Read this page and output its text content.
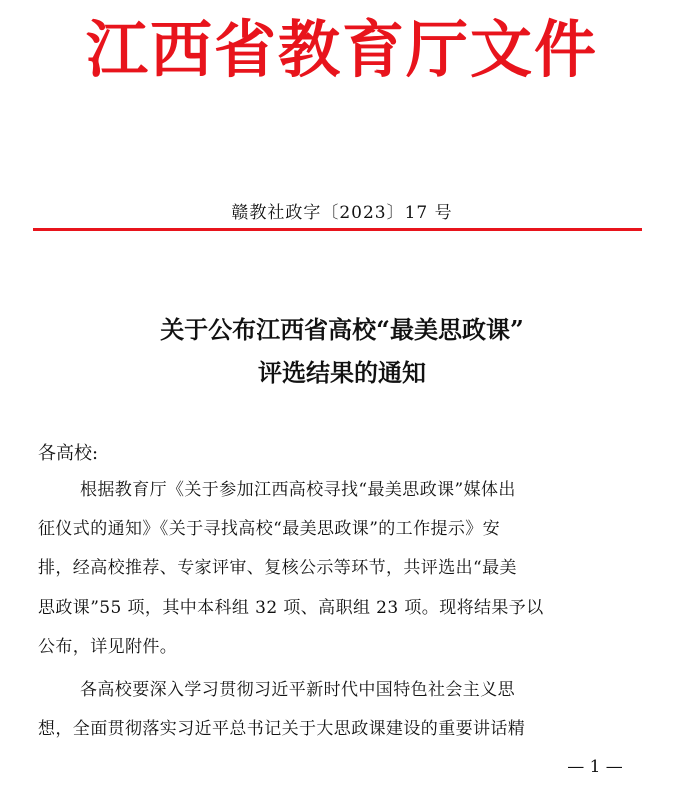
江西省教育厅文件
赣教社政字〔2023〕17 号
关于公布江西省高校“最美思政课”
评选结果的通知
各高校:
根据教育厅《关于参加江西高校寻找“最美思政课”媒体出
征仪式的通知》《关于寻找高校“最美思政课”的工作提示》安
排，经高校推荐、专家评审、复核公示等环节，共评选出“最美
思政课”55 项，其中本科组 32 项、高职组 23 项。现将结果予以
公布，详见附件。
各高校要深入学习贯彻习近平新时代中国特色社会主义思
想，全面贯彻落实习近平总书记关于大思政课建设的重要讲话精
— 1 —
